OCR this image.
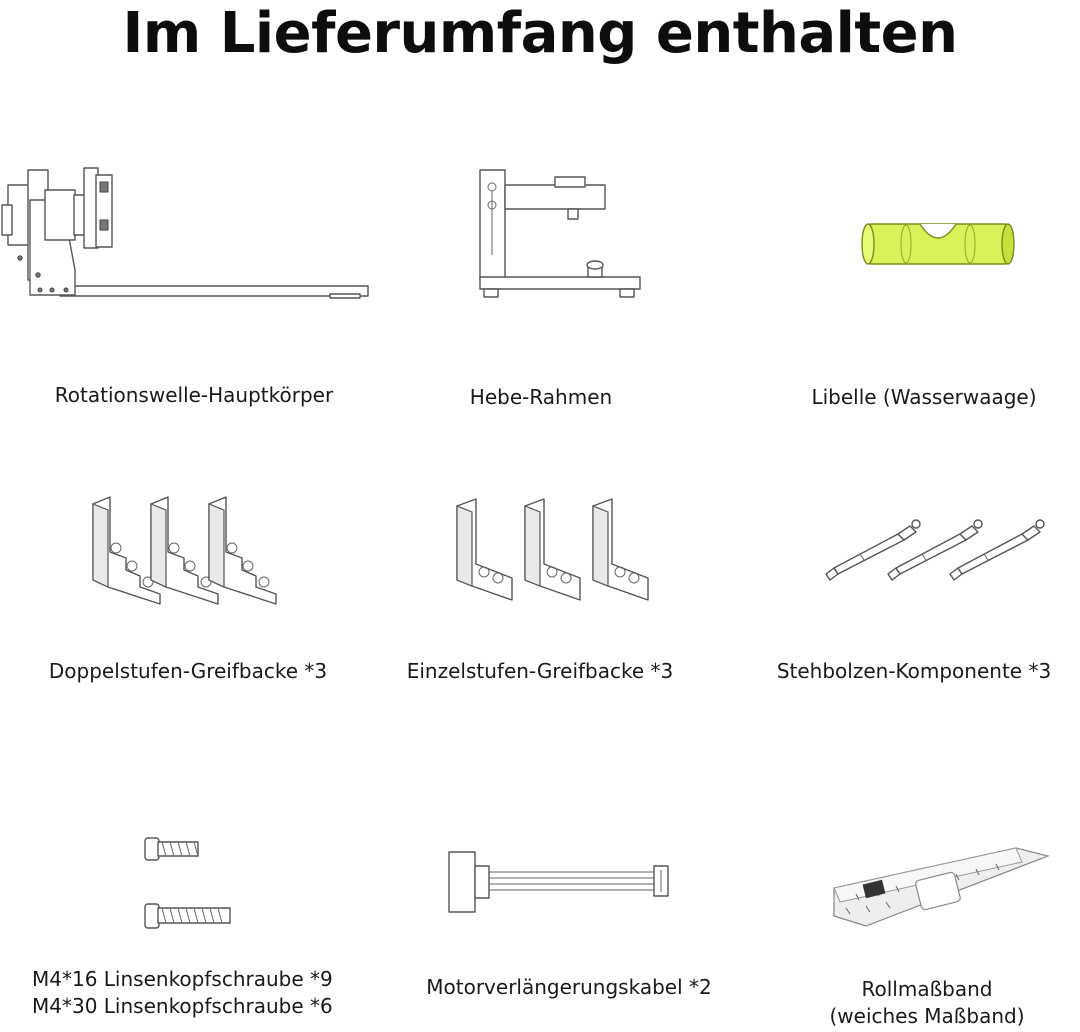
Im Lieferumfang enthalten
Rotationswelle-Hauptkörper	Hebe-Rahmen	Libelle (Wasserwaage)
Doppelstufen-Greifbacke *3	Einzelstufen-Greifbacke *3	Stehbolzen-Komponente *3
M4*16 Linsenkopfschraube *9
M4*30 Linsenkopfschraube *6
Motorverlängerungskabel *2	Rollmaßband
(weiches Maßband)
